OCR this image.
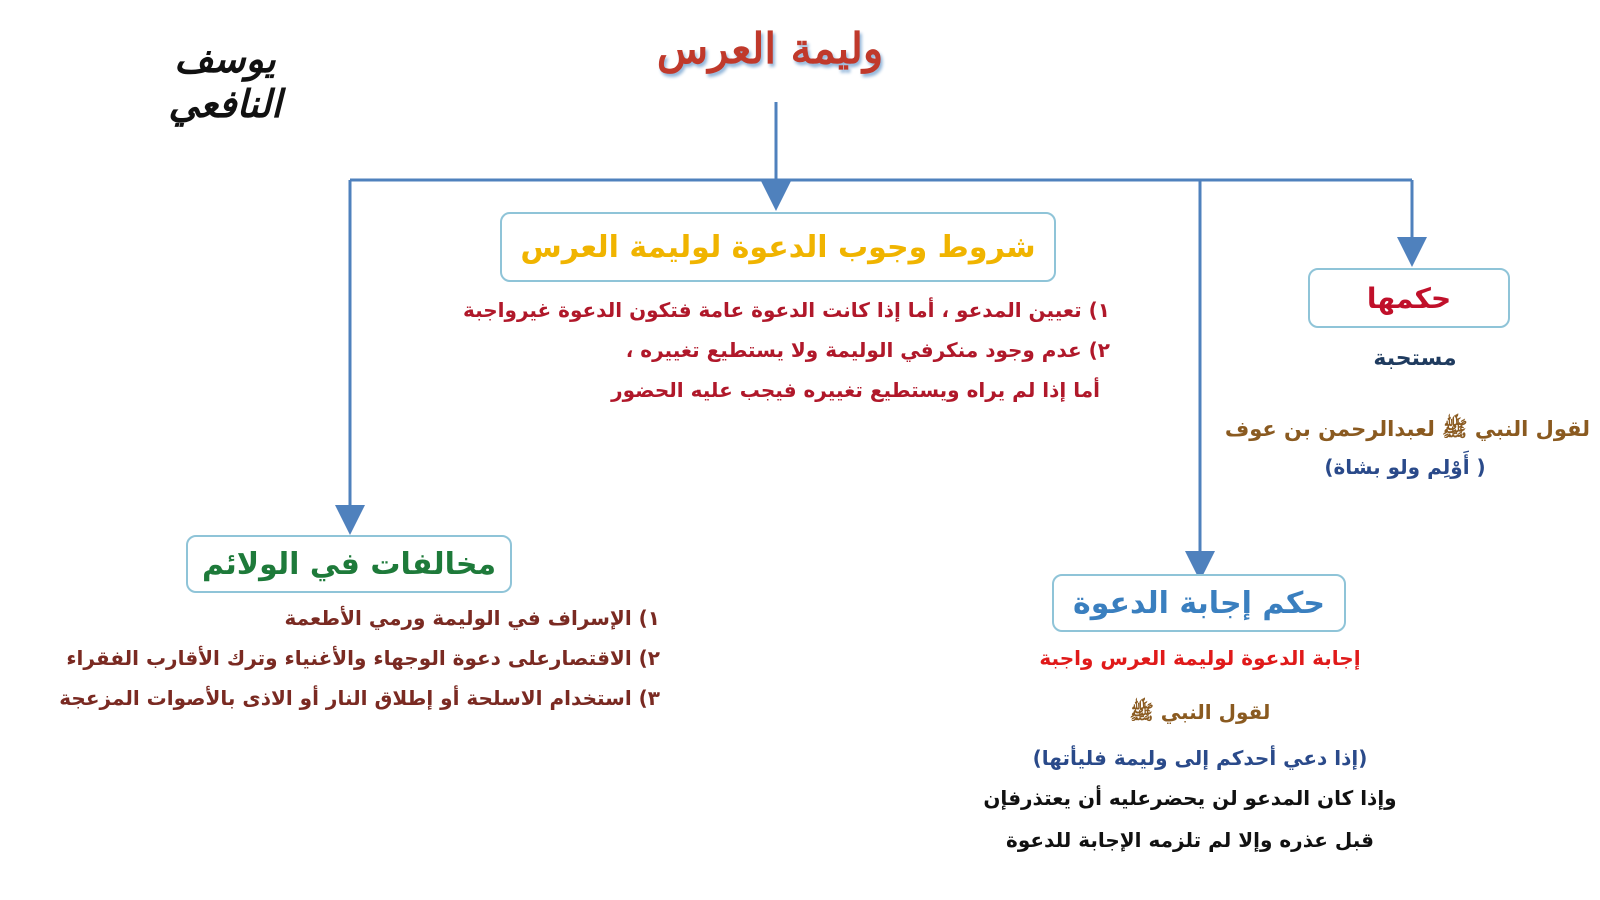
وليمة العرس
يوسف النافعي
حكمها
مستحبة
لقول النبي ﷺ لعبدالرحمن بن عوف
( أَوْلِم ولو بشاة)
شروط وجوب الدعوة لوليمة العرس
١) تعيين المدعو ، أما إذا كانت الدعوة عامة فتكون الدعوة غيرواجبة
٢) عدم وجود منكرفي الوليمة ولا يستطيع تغييره ،
أما إذا لم يراه ويستطيع تغييره فيجب عليه الحضور
حكم إجابة الدعوة
إجابة الدعوة لوليمة العرس واجبة
لقول النبي ﷺ
(إذا دعي أحدكم إلى وليمة فليأتها)
وإذا كان المدعو لن يحضرعليه أن يعتذرفإن
قبل عذره وإلا لم تلزمه الإجابة للدعوة
مخالفات في الولائم
١) الإسراف في الوليمة ورمي الأطعمة
٢) الاقتصارعلى دعوة الوجهاء والأغنياء وترك الأقارب الفقراء
٣) استخدام الاسلحة أو إطلاق النار أو الاذى بالأصوات المزعجة
